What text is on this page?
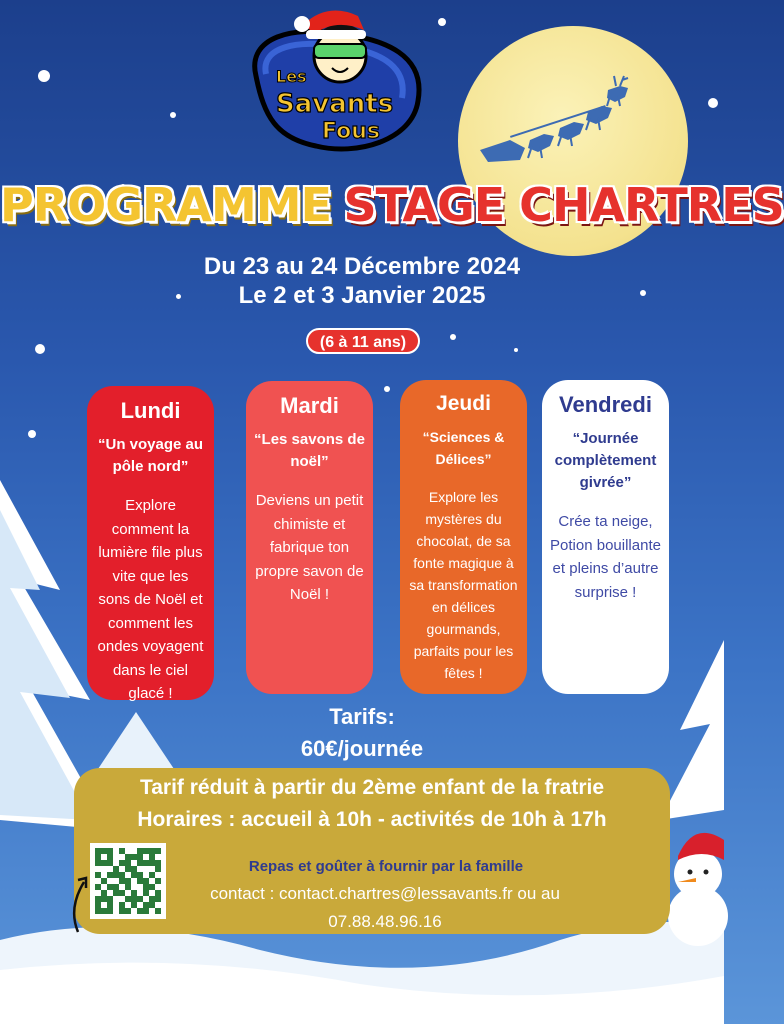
Les
Savants
Fous
PROGRAMME STAGE CHARTRES
Du 23 au 24 Décembre 2024
Le 2 et 3 Janvier 2025
(6 à 11 ans)
Lundi
“Un voyage au pôle nord”
Explore comment la lumière file plus vite que les sons de Noël et comment les ondes voyagent dans le ciel glacé !
Mardi
“Les savons de noël”
Deviens un petit chimiste et fabrique ton propre savon de Noël !
Jeudi
“Sciences & Délices”
Explore les mystères du chocolat, de sa fonte magique à sa transformation en délices gourmands, parfaits pour les fêtes !
Vendredi
“Journée complètement givrée”
Crée ta neige, Potion bouillante et pleins d’autre surprise !
Tarifs:
60€/journée
Tarif réduit à partir du 2ème enfant de la fratrie
Horaires : accueil à 10h - activités de 10h à 17h
Repas et goûter à fournir par la famille
contact : contact.chartres@lessavants.fr ou au
07.88.48.96.16
